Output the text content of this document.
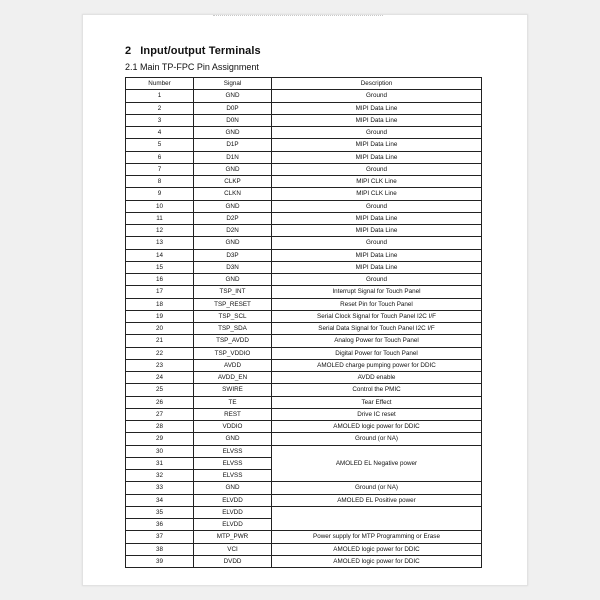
2 Input/output Terminals
2.1 Main TP-FPC Pin Assignment
Number	Signal	Description
1	GND	Ground
2	D0P	MIPI Data Line
3	D0N	MIPI Data Line
4	GND	Ground
5	D1P	MIPI Data Line
6	D1N	MIPI Data Line
7	GND	Ground
8	CLKP	MIPI CLK Line
9	CLKN	MIPI CLK Line
10	GND	Ground
11	D2P	MIPI Data Line
12	D2N	MIPI Data Line
13	GND	Ground
14	D3P	MIPI Data Line
15	D3N	MIPI Data Line
16	GND	Ground
17	TSP_INT	Interrupt Signal for Touch Panel
18	TSP_RESET	Reset Pin for Touch Panel
19	TSP_SCL	Serial Clock Signal for Touch Panel I2C I/F
20	TSP_SDA	Serial Data Signal for Touch Panel I2C I/F
21	TSP_AVDD	Analog Power for Touch Panel
22	TSP_VDDIO	Digital Power for Touch Panel
23	AVDD	AMOLED charge pumping power for DDIC
24	AVDD_EN	AVDD enable
25	SWIRE	Control the PMIC
26	TE	Tear Effect
27	REST	Drive IC reset
28	VDDIO	AMOLED logic power for DDIC
29	GND	Ground (or NA)
30	ELVSS	AMOLED EL Negative power
31	ELVSS	
32	ELVSS	
33	GND	Ground (or NA)
34	ELVDD	AMOLED EL Positive power
35	ELVDD	
36	ELVDD	
37	MTP_PWR	Power supply for MTP Programming or Erase
38	VCI	AMOLED logic power for DDIC
39	DVDD	AMOLED logic power for DDIC
